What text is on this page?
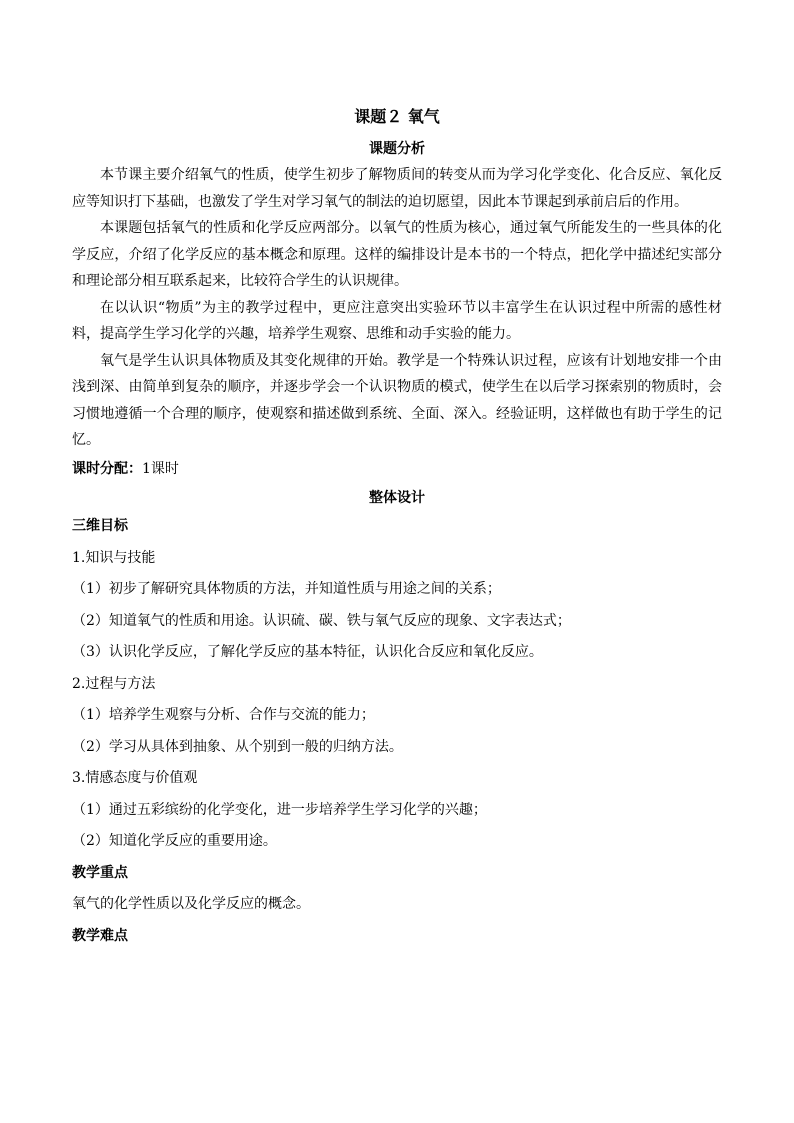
课题２ 氧气
课题分析

本节课主要介绍氧气的性质，使学生初步了解物质间的转变从而为学习化学变化、化合反应、氧化反应等知识打下基础，也激发了学生对学习氧气的制法的迫切愿望，因此本节课起到承前启后的作用。

本课题包括氧气的性质和化学反应两部分。以氧气的性质为核心，通过氧气所能发生的一些具体的化学反应，介绍了化学反应的基本概念和原理。这样的编排设计是本书的一个特点，把化学中描述纪实部分和理论部分相互联系起来，比较符合学生的认识规律。

在以认识“物质”为主的教学过程中，更应注意突出实验环节以丰富学生在认识过程中所需的感性材料，提高学生学习化学的兴趣，培养学生观察、思维和动手实验的能力。

氧气是学生认识具体物质及其变化规律的开始。教学是一个特殊认识过程，应该有计划地安排一个由浅到深、由简单到复杂的顺序，并逐步学会一个认识物质的模式，使学生在以后学习探索别的物质时，会习惯地遵循一个合理的顺序，使观察和描述做到系统、全面、深入。经验证明，这样做也有助于学生的记忆。

课时分配：1课时
整体设计
三维目标
1.知识与技能
（1）初步了解研究具体物质的方法，并知道性质与用途之间的关系；
（2）知道氧气的性质和用途。认识硫、碳、铁与氧气反应的现象、文字表达式；
（3）认识化学反应，了解化学反应的基本特征，认识化合反应和氧化反应。
2.过程与方法
（1）培养学生观察与分析、合作与交流的能力；
（2）学习从具体到抽象、从个别到一般的归纳方法。
3.情感态度与价值观
（1）通过五彩缤纷的化学变化，进一步培养学生学习化学的兴趣；
（2）知道化学反应的重要用途。
教学重点
氧气的化学性质以及化学反应的概念。
教学难点
